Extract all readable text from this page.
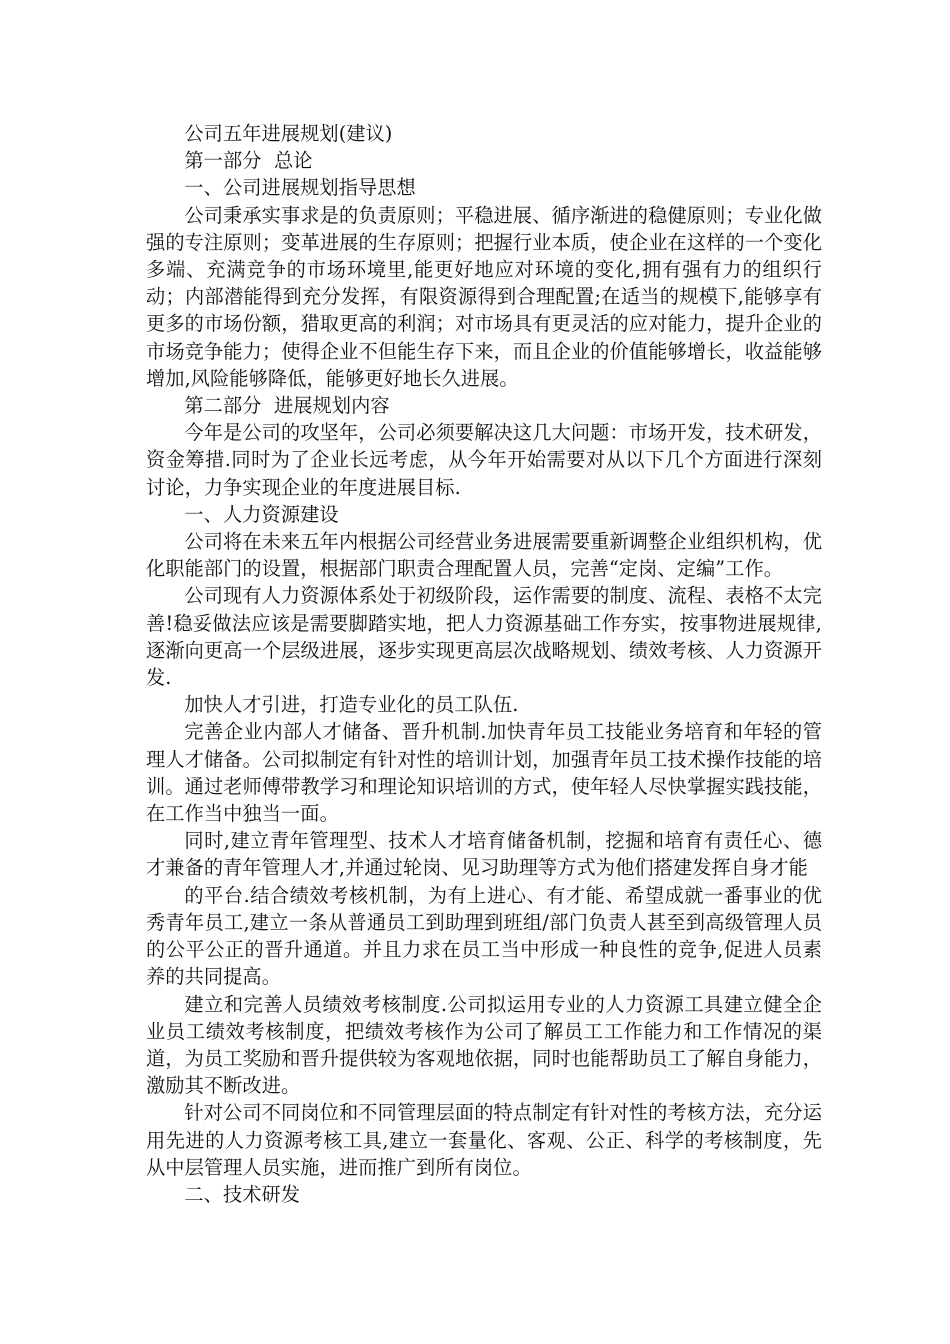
公司五年进展规划(建议)

第一部分  总论

一、公司进展规划指导思想

公司秉承实事求是的负责原则；平稳进展、循序渐进的稳健原则；专业化做强的专注原则；变革进展的生存原则；把握行业本质，使企业在这样的一个变化多端、充满竞争的市场环境里,能更好地应对环境的变化,拥有强有力的组织行动；内部潜能得到充分发挥，有限资源得到合理配置;在适当的规模下,能够享有更多的市场份额，猎取更高的利润；对市场具有更灵活的应对能力，提升企业的市场竞争能力；使得企业不但能生存下来，而且企业的价值能够增长，收益能够增加,风险能够降低，能够更好地长久进展。

第二部分  进展规划内容

今年是公司的攻坚年，公司必须要解决这几大问题：市场开发，技术研发，资金筹措.同时为了企业长远考虑，从今年开始需要对从以下几个方面进行深刻讨论，力争实现企业的年度进展目标.

一、人力资源建设

公司将在未来五年内根据公司经营业务进展需要重新调整企业组织机构，优化职能部门的设置，根据部门职责合理配置人员，完善“定岗、定编”工作。

公司现有人力资源体系处于初级阶段，运作需要的制度、流程、表格不太完善!稳妥做法应该是需要脚踏实地，把人力资源基础工作夯实，按事物进展规律,逐渐向更高一个层级进展，逐步实现更高层次战略规划、绩效考核、人力资源开发.

加快人才引进，打造专业化的员工队伍.

完善企业内部人才储备、晋升机制.加快青年员工技能业务培育和年轻的管理人才储备。公司拟制定有针对性的培训计划，加强青年员工技术操作技能的培训。通过老师傅带教学习和理论知识培训的方式，使年轻人尽快掌握实践技能，在工作当中独当一面。

同时,建立青年管理型、技术人才培育储备机制，挖掘和培育有责任心、德才兼备的青年管理人才,并通过轮岗、见习助理等方式为他们搭建发挥自身才能

的平台.结合绩效考核机制，为有上进心、有才能、希望成就一番事业的优秀青年员工,建立一条从普通员工到助理到班组/部门负责人甚至到高级管理人员的公平公正的晋升通道。并且力求在员工当中形成一种良性的竞争,促进人员素养的共同提高。

建立和完善人员绩效考核制度.公司拟运用专业的人力资源工具建立健全企业员工绩效考核制度，把绩效考核作为公司了解员工工作能力和工作情况的渠道，为员工奖励和晋升提供较为客观地依据，同时也能帮助员工了解自身能力，激励其不断改进。

针对公司不同岗位和不同管理层面的特点制定有针对性的考核方法，充分运用先进的人力资源考核工具,建立一套量化、客观、公正、科学的考核制度，先从中层管理人员实施，进而推广到所有岗位。

二、技术研发
